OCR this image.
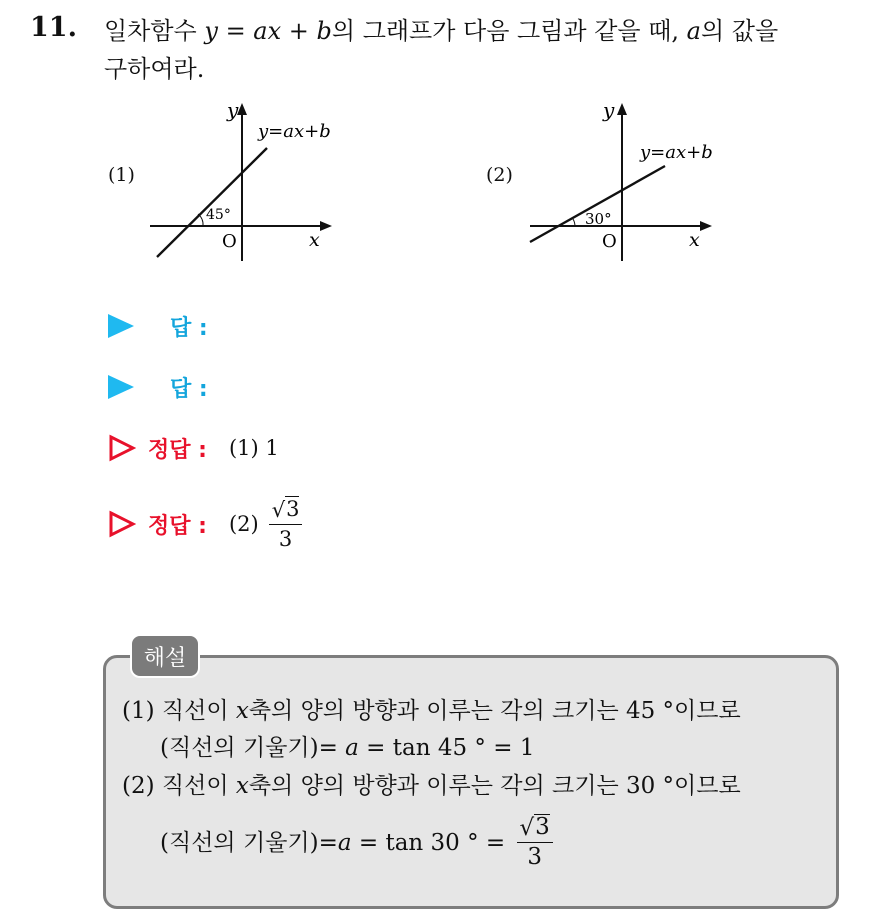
11. 일차함수 y = ax + b의 그래프가 다음 그림과 같을 때, a의 값을
구하여라.
(1)
y
y=ax+b
45°
O	x
(2)
y
y=ax+b
30°
O	x
답 :
답 :
정답 : (1)
1
정답 : $(2) \frac{√ 3}{3}$
해설
(1) 직선이 x축의 양의 방향과 이루는 각의 크기는 45 °이므로
(직선의 기울기)= a = tan 45 ° = 1
(2) 직선이 x축의 양의 방향과 이루는 각의 크기는 30 °이므로
(직선의 기울기)= a = tan 30 ° = $\frac{√ 3}{3}$
